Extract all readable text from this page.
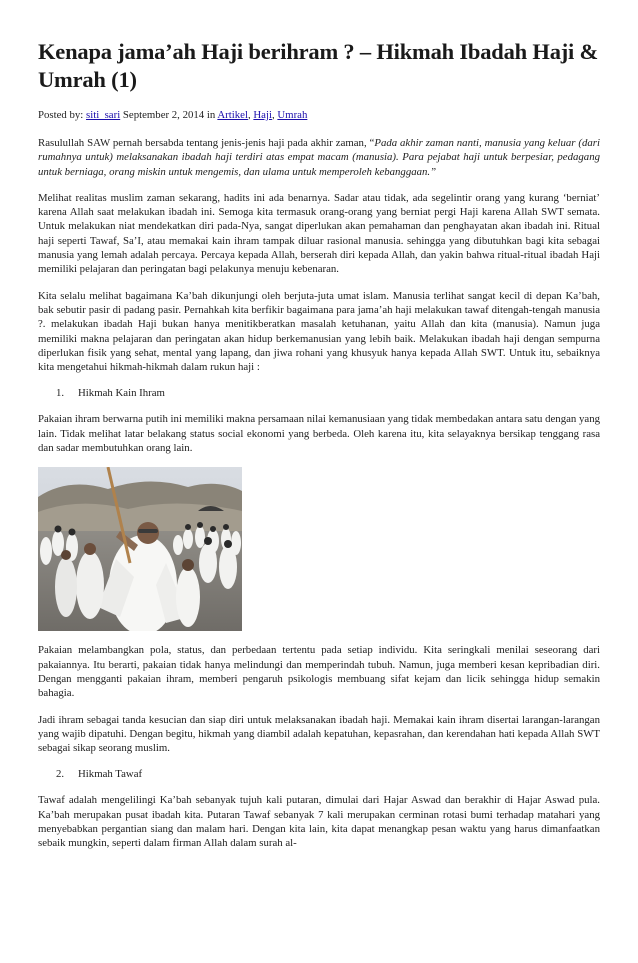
Kenapa jama’ah Haji berihram ? – Hikmah Ibadah Haji & Umrah (1)
Posted by: siti_sari September 2, 2014 in Artikel, Haji, Umrah

Rasulullah SAW pernah bersabda tentang jenis-jenis haji pada akhir zaman, “Pada akhir zaman nanti, manusia yang keluar (dari rumahnya untuk) melaksanakan ibadah haji terdiri atas empat macam (manusia). Para pejabat haji untuk berpesiar, pedagang untuk berniaga, orang miskin untuk mengemis, dan ulama untuk memperoleh kebanggaan.”

Melihat realitas muslim zaman sekarang, hadits ini ada benarnya. Sadar atau tidak, ada segelintir orang yang kurang ‘berniat’ karena Allah saat melakukan ibadah ini. Semoga kita termasuk orang-orang yang berniat pergi Haji karena Allah SWT semata. Untuk melakukan niat mendekatkan diri pada-Nya, sangat diperlukan akan pemahaman dan penghayatan akan ibadah ini. Ritual haji seperti Tawaf, Sa’I, atau memakai kain ihram tampak diluar rasional manusia. sehingga yang dibutuhkan bagi kita sebagai manusia yang lemah adalah percaya. Percaya kepada Allah, berserah diri kepada Allah, dan yakin bahwa ritual-ritual ibadah Haji memiliki pelajaran dan peringatan bagi pelakunya menuju kebenaran.

Kita selalu melihat bagaimana Ka’bah dikunjungi oleh berjuta-juta umat islam. Manusia terlihat sangat kecil di depan Ka’bah, bak sebutir pasir di padang pasir. Pernahkah kita berfikir bagaimana para jama’ah haji melakukan tawaf ditengah-tengah manusia ?. melakukan ibadah Haji bukan hanya menitikberatkan masalah ketuhanan, yaitu Allah dan kita (manusia). Namun juga memiliki makna pelajaran dan peringatan akan hidup berkemanusian yang lebih baik. Melakukan ibadah haji dengan sempurna diperlukan fisik yang sehat, mental yang lapang, dan jiwa rohani yang khusyuk hanya kepada Allah SWT. Untuk itu, sebaiknya kita mengetahui hikmah-hikmah dalam rukun haji :

1. Hikmah Kain Ihram

Pakaian ihram berwarna putih ini memiliki makna persamaan nilai kemanusiaan yang tidak membedakan antara satu dengan yang lain. Tidak melihat latar belakang status social ekonomi yang berbeda. Oleh karena itu, kita selayaknya bersikap tenggang rasa dan sadar membutuhkan orang lain.

Pakaian melambangkan pola, status, dan perbedaan tertentu pada setiap individu. Kita seringkali menilai seseorang dari pakaiannya. Itu berarti, pakaian tidak hanya melindungi dan memperindah tubuh. Namun, juga memberi kesan kepribadian diri. Dengan mengganti pakaian ihram, memberi pengaruh psikologis membuang sifat kejam dan licik sehingga hidup semakin bahagia.

Jadi ihram sebagai tanda kesucian dan siap diri untuk melaksanakan ibadah haji. Memakai kain ihram disertai larangan-larangan yang wajib dipatuhi. Dengan begitu, hikmah yang diambil adalah kepatuhan, kepasrahan, dan kerendahan hati kepada Allah SWT sebagai sikap seorang muslim.

2. Hikmah Tawaf

Tawaf adalah mengelilingi Ka’bah sebanyak tujuh kali putaran, dimulai dari Hajar Aswad dan berakhir di Hajar Aswad pula. Ka’bah merupakan pusat ibadah kita. Putaran Tawaf sebanyak 7 kali merupakan cerminan rotasi bumi terhadap matahari yang menyebabkan pergantian siang dan malam hari. Dengan kita lain, kita dapat menangkap pesan waktu yang harus dimanfaatkan sebaik mungkin, seperti dalam firman Allah dalam surah al-
